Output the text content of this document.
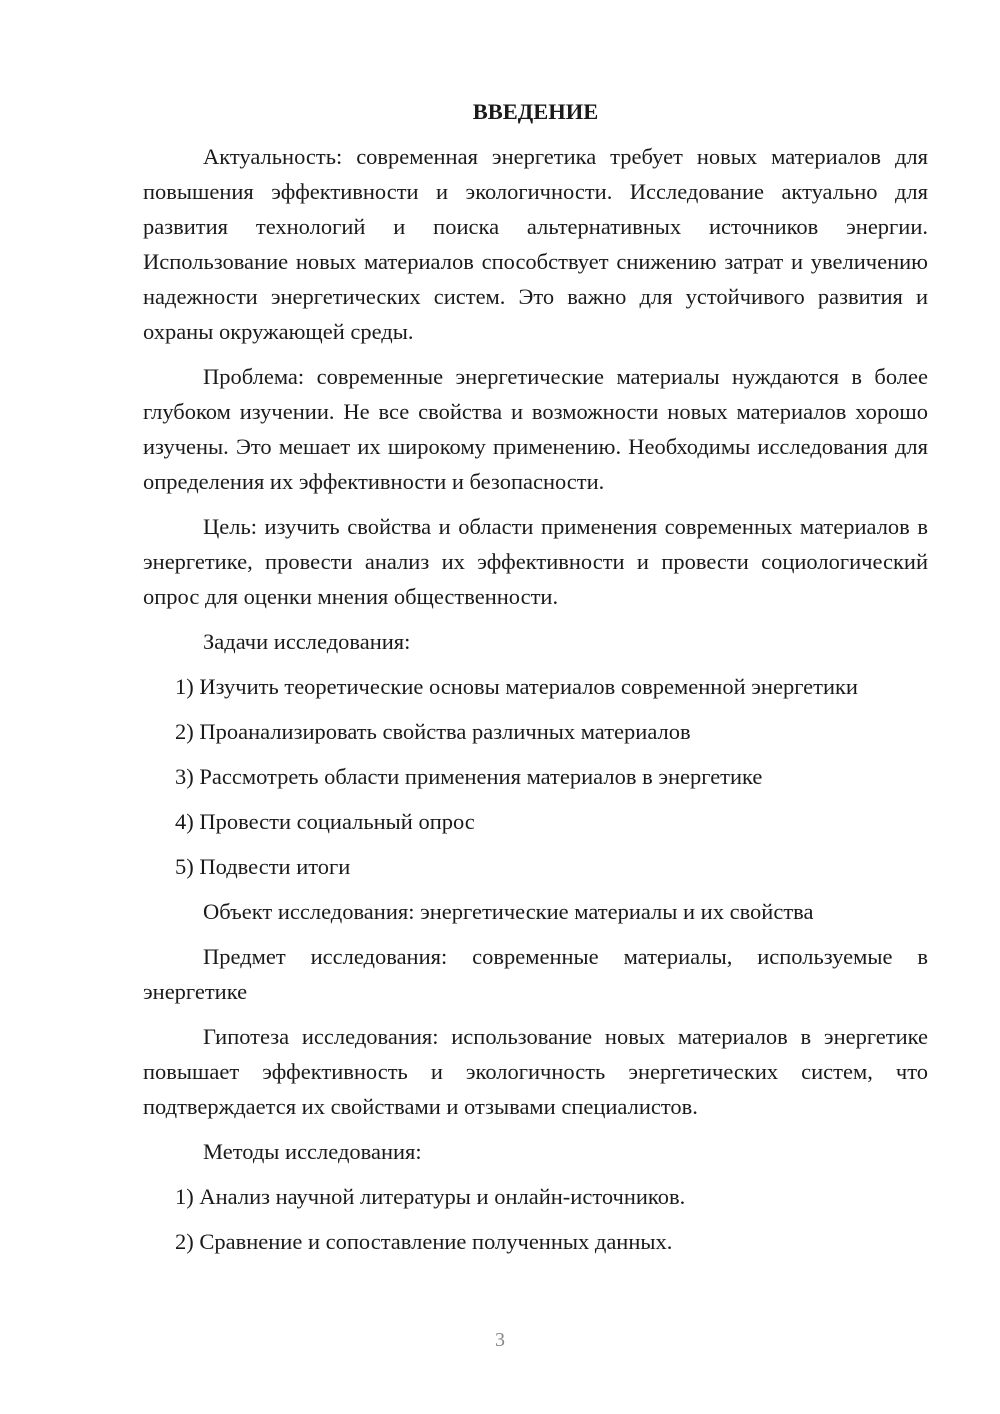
ВВЕДЕНИЕ

Актуальность: современная энергетика требует новых материалов для повышения эффективности и экологичности. Исследование актуально для развития технологий и поиска альтернативных источников энергии. Использование новых материалов способствует снижению затрат и увеличению надежности энергетических систем. Это важно для устойчивого развития и охраны окружающей среды.

Проблема: современные энергетические материалы нуждаются в более глубоком изучении. Не все свойства и возможности новых материалов хорошо изучены. Это мешает их широкому применению. Необходимы исследования для определения их эффективности и безопасности.

Цель: изучить свойства и области применения современных материалов в энергетике, провести анализ их эффективности и провести социологический опрос для оценки мнения общественности.

Задачи исследования:

1) Изучить теоретические основы материалов современной энергетики
2) Проанализировать свойства различных материалов
3) Рассмотреть области применения материалов в энергетике
4) Провести социальный опрос
5) Подвести итоги

Объект исследования: энергетические материалы и их свойства

Предмет исследования: современные материалы, используемые в энергетике

Гипотеза исследования: использование новых материалов в энергетике повышает эффективность и экологичность энергетических систем, что подтверждается их свойствами и отзывами специалистов.

Методы исследования:

1) Анализ научной литературы и онлайн-источников.
2) Сравнение и сопоставление полученных данных.
3
